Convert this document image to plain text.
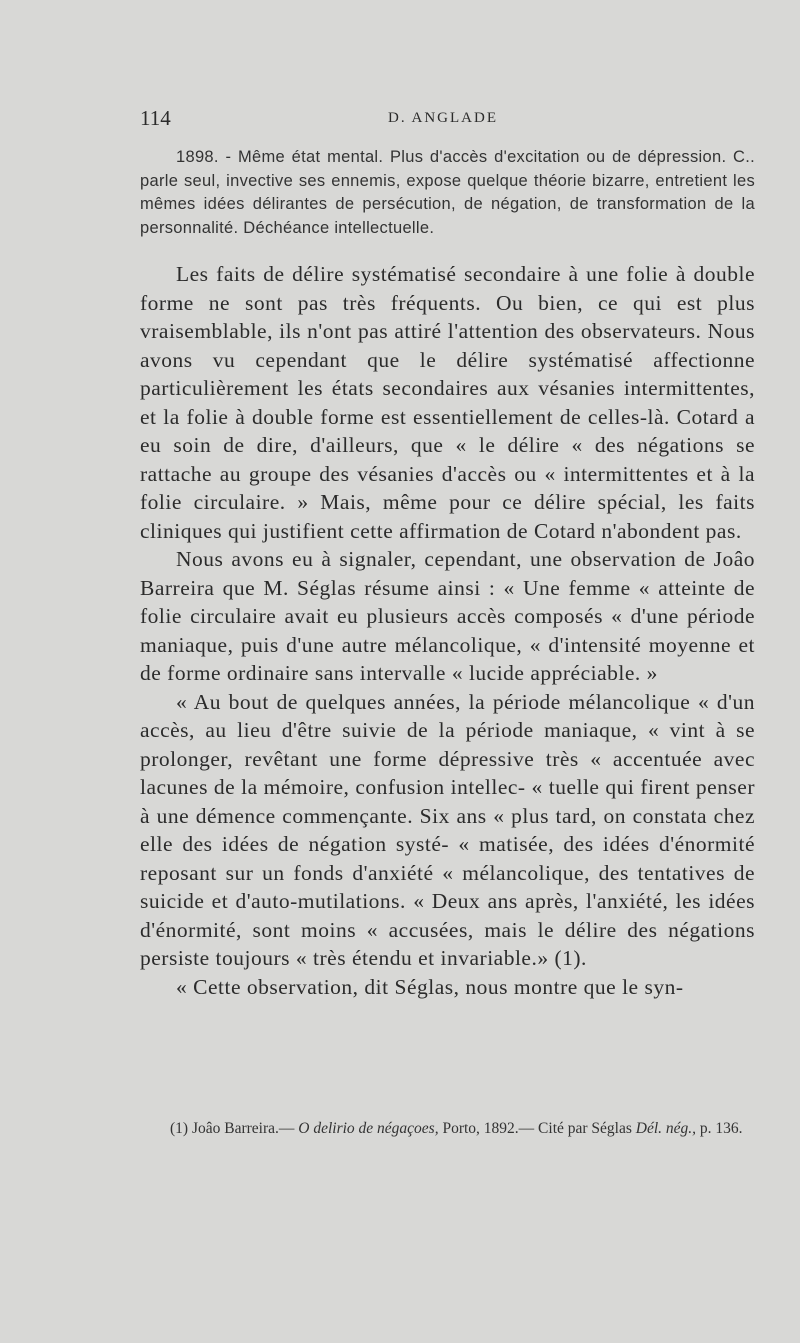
114	D. ANGLADE

1898. - Même état mental. Plus d'accès d'excitation ou de dépression. C.. parle seul, invective ses ennemis, expose quelque théorie bizarre, entretient les mêmes idées délirantes de persécution, de négation, de transformation de la personnalité. Déchéance intellectuelle.

Les faits de délire systématisé secondaire à une folie à double forme ne sont pas très fréquents. Ou bien, ce qui est plus vraisemblable, ils n'ont pas attiré l'attention des observateurs. Nous avons vu cependant que le délire systématisé affectionne particulièrement les états secondaires aux vésanies intermittentes, et la folie à double forme est essentiellement de celles-là. Cotard a eu soin de dire, d'ailleurs, que « le délire « des négations se rattache au groupe des vésanies d'accès ou « intermittentes et à la folie circulaire. » Mais, même pour ce délire spécial, les faits cliniques qui justifient cette affirmation de Cotard n'abondent pas.

Nous avons eu à signaler, cependant, une observation de Joâo Barreira que M. Séglas résume ainsi : « Une femme « atteinte de folie circulaire avait eu plusieurs accès composés « d'une période maniaque, puis d'une autre mélancolique, « d'intensité moyenne et de forme ordinaire sans intervalle « lucide appréciable. »

« Au bout de quelques années, la période mélancolique « d'un accès, au lieu d'être suivie de la période maniaque, « vint à se prolonger, revêtant une forme dépressive très « accentuée avec lacunes de la mémoire, confusion intellec- « tuelle qui firent penser à une démence commençante. Six ans « plus tard, on constata chez elle des idées de négation systé- « matisée, des idées d'énormité reposant sur un fonds d'anxiété « mélancolique, des tentatives de suicide et d'auto-mutilations. « Deux ans après, l'anxiété, les idées d'énormité, sont moins « accusées, mais le délire des négations persiste toujours « très étendu et invariable.» (1).

« Cette observation, dit Séglas, nous montre que le syn-

(1) Joâo Barreira.— O delirio de négaçoes, Porto, 1892.— Cité par Séglas Dél. nég., p. 136.
